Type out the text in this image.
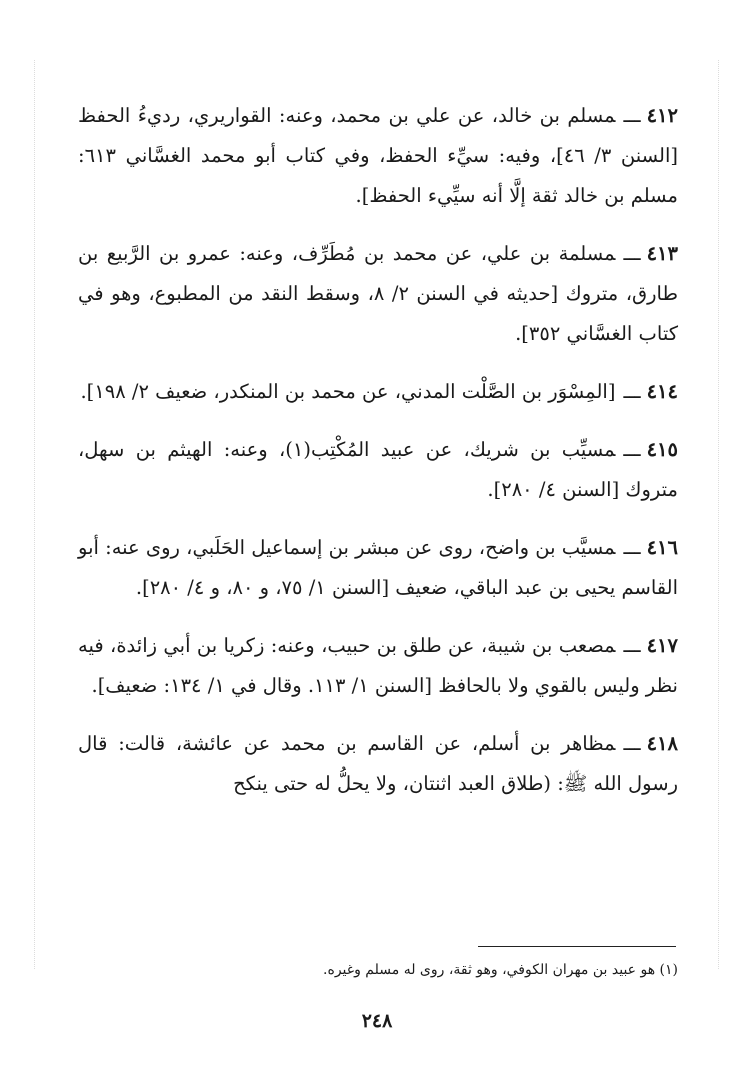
٤١٢ـــمسلم بن خالد، عن علي بن محمد، وعنه: القواريري، رديءُ الحفظ [السنن ٣/ ٤٦]، وفيه: سيِّء الحفظ، وفي كتاب أبو محمد الغسَّاني ٦١٣: مسلم بن خالد ثقة إلَّا أنه سيِّيء الحفظ].

٤١٣ـــمسلمة بن علي، عن محمد بن مُطَرِّف، وعنه: عمرو بن الرَّبيع بن طارق، متروك [حديثه في السنن ٢/ ٨، وسقط النقد من المطبوع، وهو في كتاب الغسَّاني ٣٥٢].

٤١٤ـــ[المِسْوَر بن الصَّلْت المدني، عن محمد بن المنكدر، ضعيف ٢/ ١٩٨].

٤١٥ـــمسيِّب بن شريك، عن عبيد المُكْتِب(١)، وعنه: الهيثم بن سهل، متروك [السنن ٤/ ٢٨٠].

٤١٦ـــمسيَّب بن واضح، روى عن مبشر بن إسماعيل الحَلَبي، روى عنه: أبو القاسم يحيى بن عبد الباقي، ضعيف [السنن ١/ ٧٥، و ٨٠، و ٤/ ٢٨٠].

٤١٧ـــمصعب بن شيبة، عن طلق بن حبيب، وعنه: زكريا بن أبي زائدة، فيه نظر وليس بالقوي ولا بالحافظ [السنن ١/ ١١٣. وقال في ١/ ١٣٤: ضعيف].

٤١٨ـــمظاهر بن أسلم، عن القاسم بن محمد عن عائشة، قالت: قال رسول الله ﷺ: (طلاق العبد اثنتان، ولا يحلُّ له حتى ينكح

(١) هو عبيد بن مهران الكوفي، وهو ثقة، روى له مسلم وغيره.
٢٤٨
